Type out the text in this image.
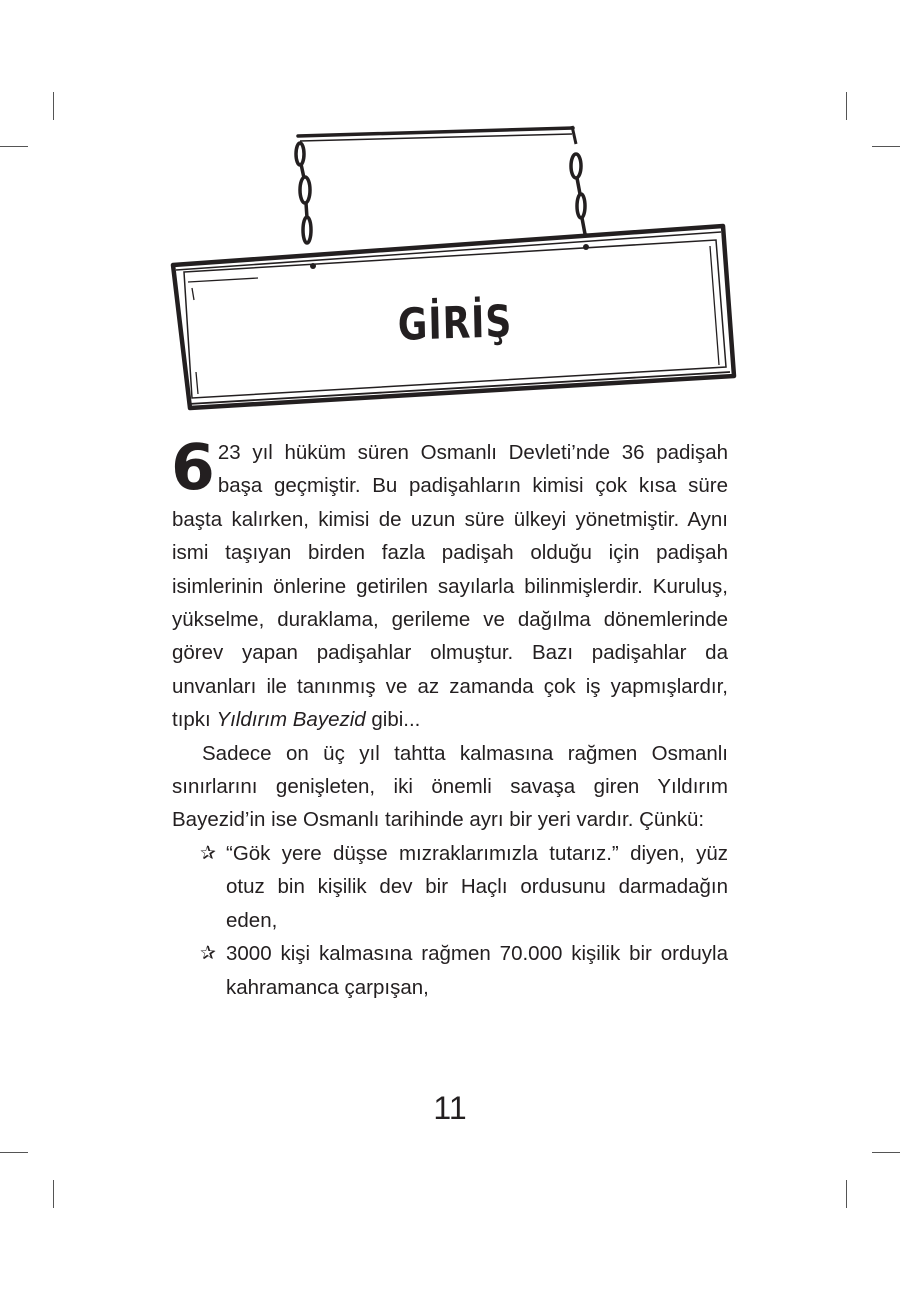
GİRİŞ

6 23 yıl hüküm süren Osmanlı Devleti’nde 36 padişah başa geçmiştir. Bu padişahların kimisi çok kısa süre başta kalırken, kimisi de uzun süre ülkeyi yönetmiştir. Aynı ismi taşıyan birden fazla padişah olduğu için padişah isimlerinin önlerine getirilen sayılarla bilinmişlerdir. Kuruluş, yükselme, duraklama, gerileme ve dağılma dönemlerinde görev yapan padişahlar olmuştur. Bazı padişahlar da unvanları ile tanınmış ve az zamanda çok iş yapmışlardır, tıpkı Yıldırım Bayezid gibi...

Sadece on üç yıl tahtta kalmasına rağmen Osmanlı sınırlarını genişleten, iki önemli savaşa giren Yıldırım Bayezid’in ise Osmanlı tarihinde ayrı bir yeri vardır. Çünkü:

✰ “Gök yere düşse mızraklarımızla tutarız.” diyen, yüz otuz bin kişilik dev bir Haçlı ordusunu darmadağın eden,
✰ 3000 kişi kalmasına rağmen 70.000 kişilik bir orduyla kahramanca çarpışan,
11
